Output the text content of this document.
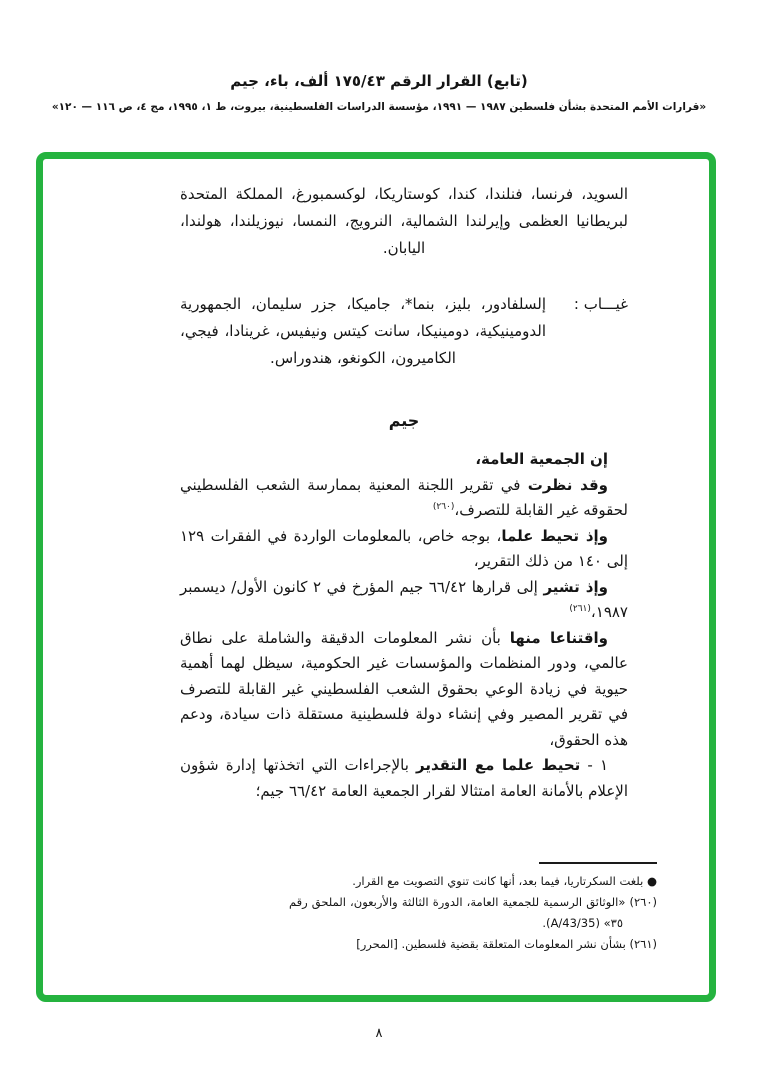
(تابع) القرار الرقم ١٧٥/٤٣ ألف، باء، جيم
«قرارات الأمم المتحدة بشأن فلسطين ١٩٨٧ — ١٩٩١، مؤسسة الدراسات الفلسطينية، بيروت، ط ١، ١٩٩٥، مج ٤، ص ١١٦ — ١٢٠»
السويد، فرنسا، فنلندا، كندا، كوستاريكا، لوكسمبورغ، المملكة المتحدة لبريطانيا العظمى وإيرلندا الشمالية، النرويج، النمسا، نيوزيلندا، هولندا، اليابان.
غيـــاب :
إلسلفادور، بليز، بنما*، جاميكا، جزر سليمان، الجمهورية الدومينيكية، دومينيكا، سانت كيتس ونيفيس، غرينادا، فيجي، الكاميرون، الكونغو، هندوراس.
جيم

إن الجمعية العامة،

وقد نظرت في تقرير اللجنة المعنية بممارسة الشعب الفلسطيني لحقوقه غير القابلة للتصرف،$^{(٢٦٠)}$

وإذ تحيط علما، بوجه خاص، بالمعلومات الواردة في الفقرات ١٢٩ إلى ١٤٠ من ذلك التقرير،

وإذ تشير إلى قرارها ٦٦/٤٢ جيم المؤرخ في ٢ كانون الأول/ ديسمبر ١٩٨٧،$^{(٢٦١)}$

واقتناعا منها بأن نشر المعلومات الدقيقة والشاملة على نطاق عالمي، ودور المنظمات والمؤسسات غير الحكومية، سيظل لهما أهمية حيوية في زيادة الوعي بحقوق الشعب الفلسطيني غير القابلة للتصرف في تقرير المصير وفي إنشاء دولة فلسطينية مستقلة ذات سيادة، ودعم هذه الحقوق،

١ - تحيط علما مع التقدير بالإجراءات التي اتخذتها إدارة شؤون الإعلام بالأمانة العامة امتثالا لقرار الجمعية العامة ٦٦/٤٢ جيم؛

● بلغت السكرتاريا، فيما بعد، أنها كانت تنوي التصويت مع القرار.

(٢٦٠) «الوثائق الرسمية للجمعية العامة، الدورة الثالثة والأربعون، الملحق رقم ٣٥» (A/43/35).

(٢٦١) بشأن نشر المعلومات المتعلقة بقضية فلسطين. [المحرر]

٨
